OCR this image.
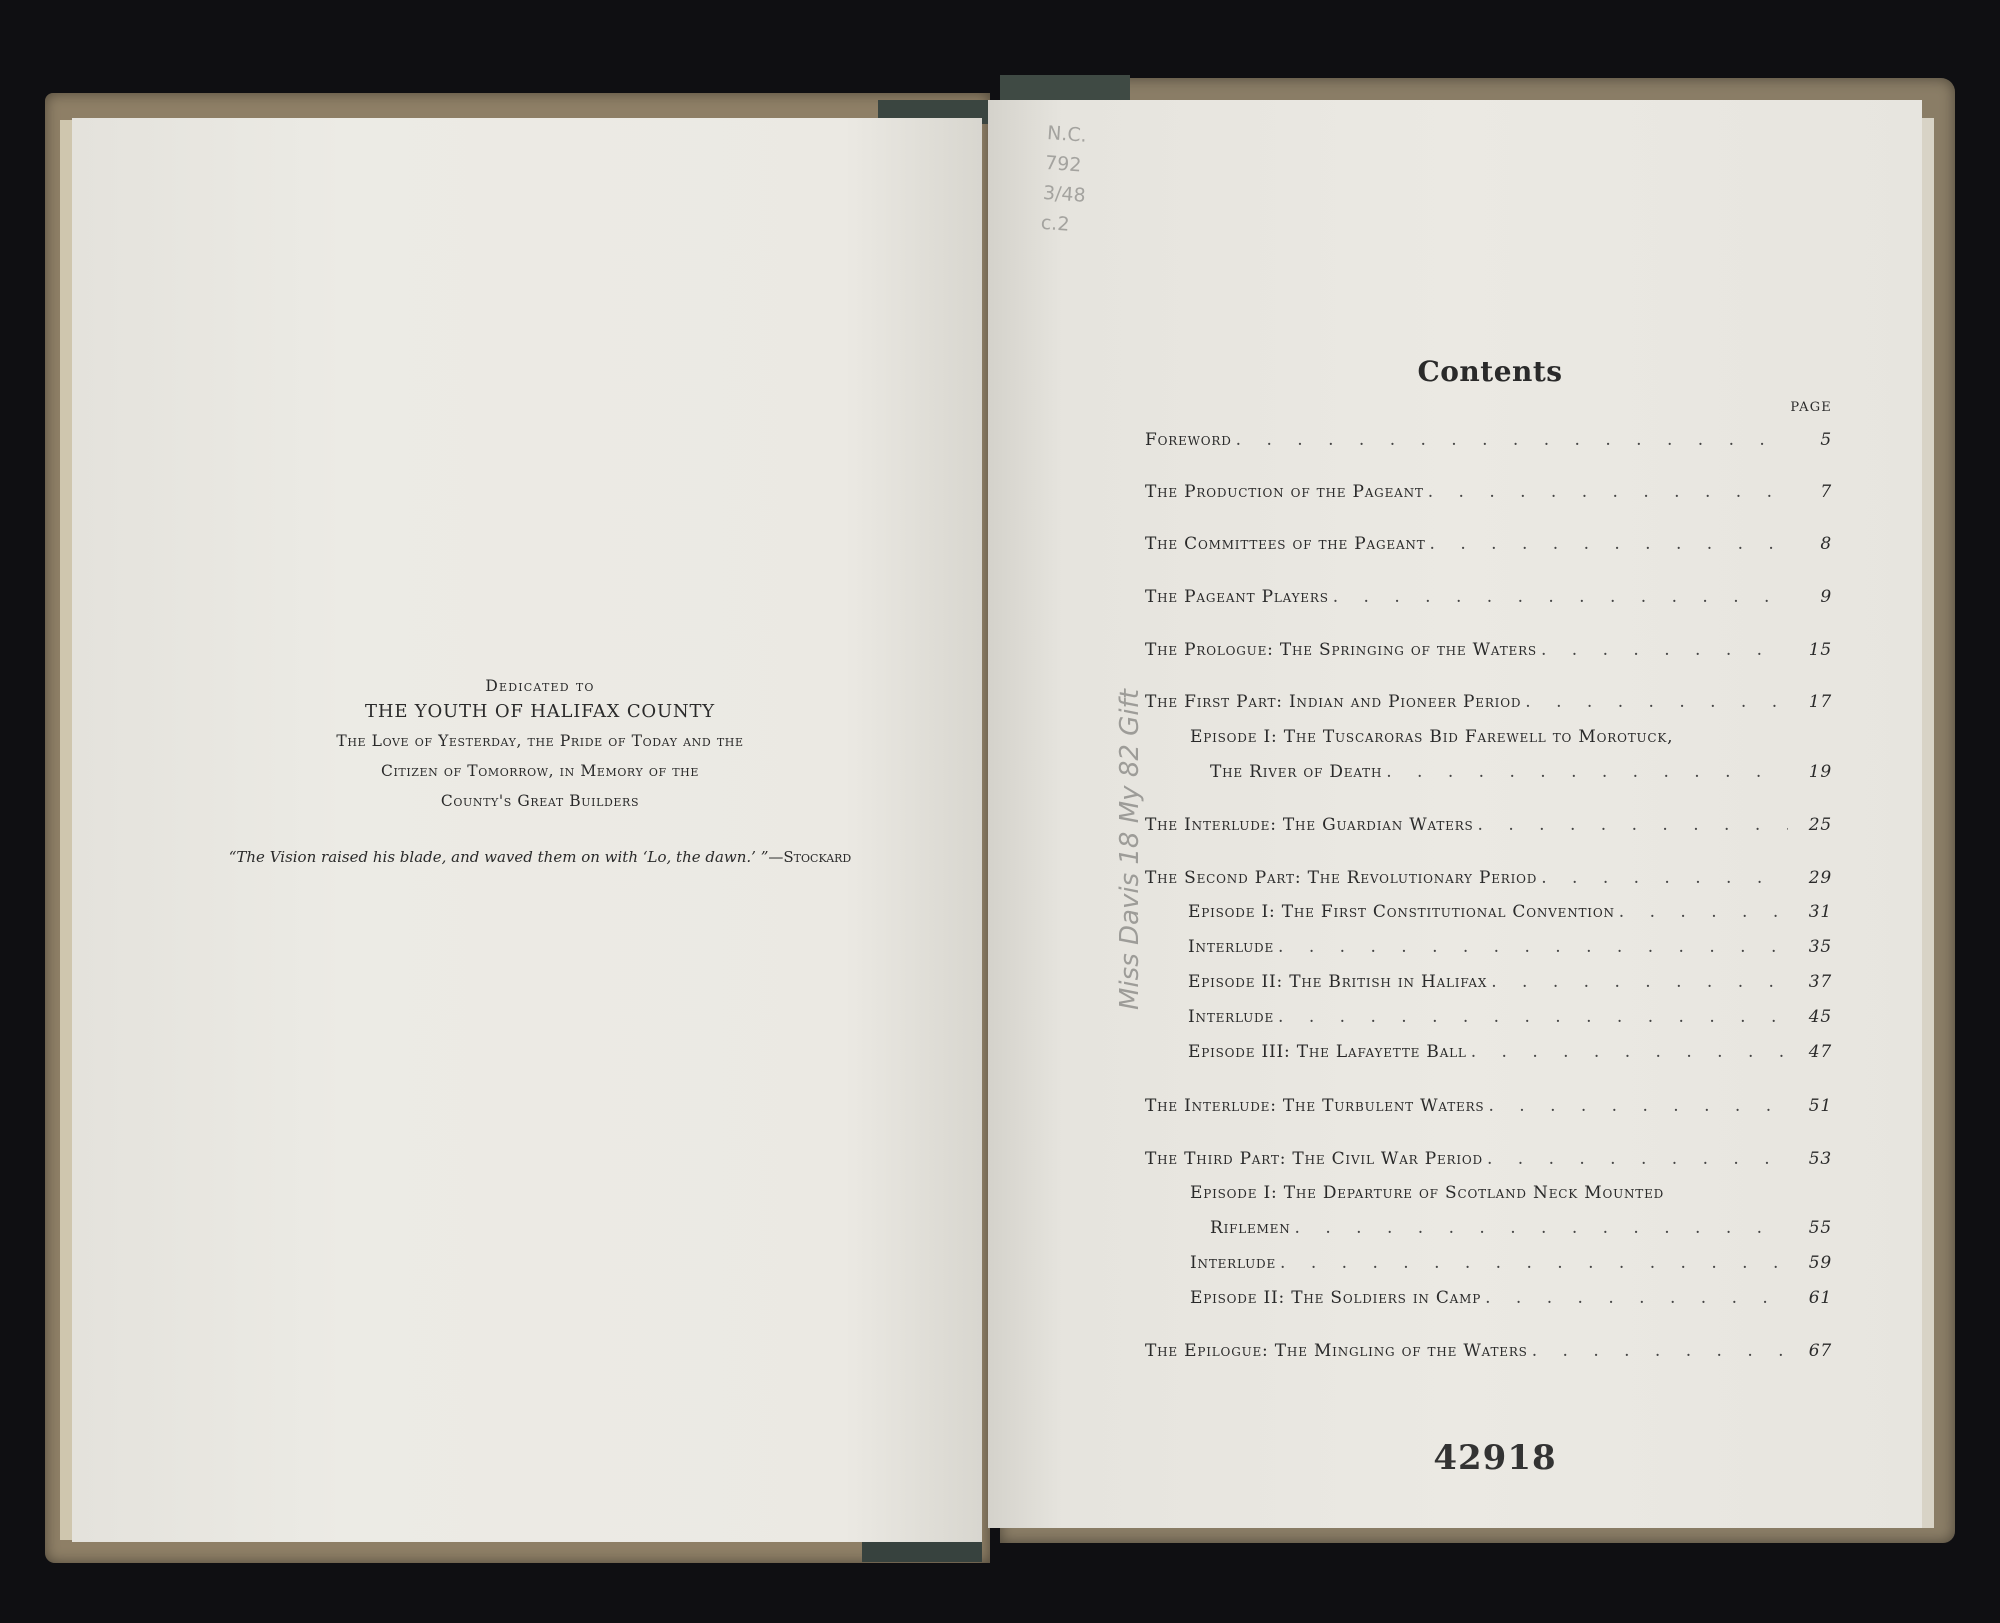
Dedicated to
THE YOUTH OF HALIFAX COUNTY
The Love of Yesterday, the Pride of Today and the
Citizen of Tomorrow, in Memory of the
County's Great Builders
“The Vision raised his blade, and waved them on with ‘Lo, the dawn.’ ”—Stockard
Contents
PAGE
Foreword . . .	5
The Production of the Pageant . . .	7
The Committees of the Pageant . . .	8
The Pageant Players . . .	9
The Prologue: The Springing of the Waters . . .	15
The First Part: Indian and Pioneer Period . . .	17
Episode I: The Tuscaroras Bid Farewell to Morotuck,
The River of Death . . .	19
The Interlude: The Guardian Waters . . .	25
The Second Part: The Revolutionary Period . . .	29
Episode I: The First Constitutional Convention . . .	31
Interlude . . .	35
Episode II: The British in Halifax . . .	37
Interlude . . .	45
Episode III: The Lafayette Ball . . .	47
The Interlude: The Turbulent Waters . . .	51
The Third Part: The Civil War Period . . .	53
Episode I: The Departure of Scotland Neck Mounted
Riflemen . . .	55
Interlude . . .	59
Episode II: The Soldiers in Camp . . .	61
The Epilogue: The Mingling of the Waters . . .	67
42918
N.C.
792
3/48
c.2
Miss Davis 18 My 82 Gift
